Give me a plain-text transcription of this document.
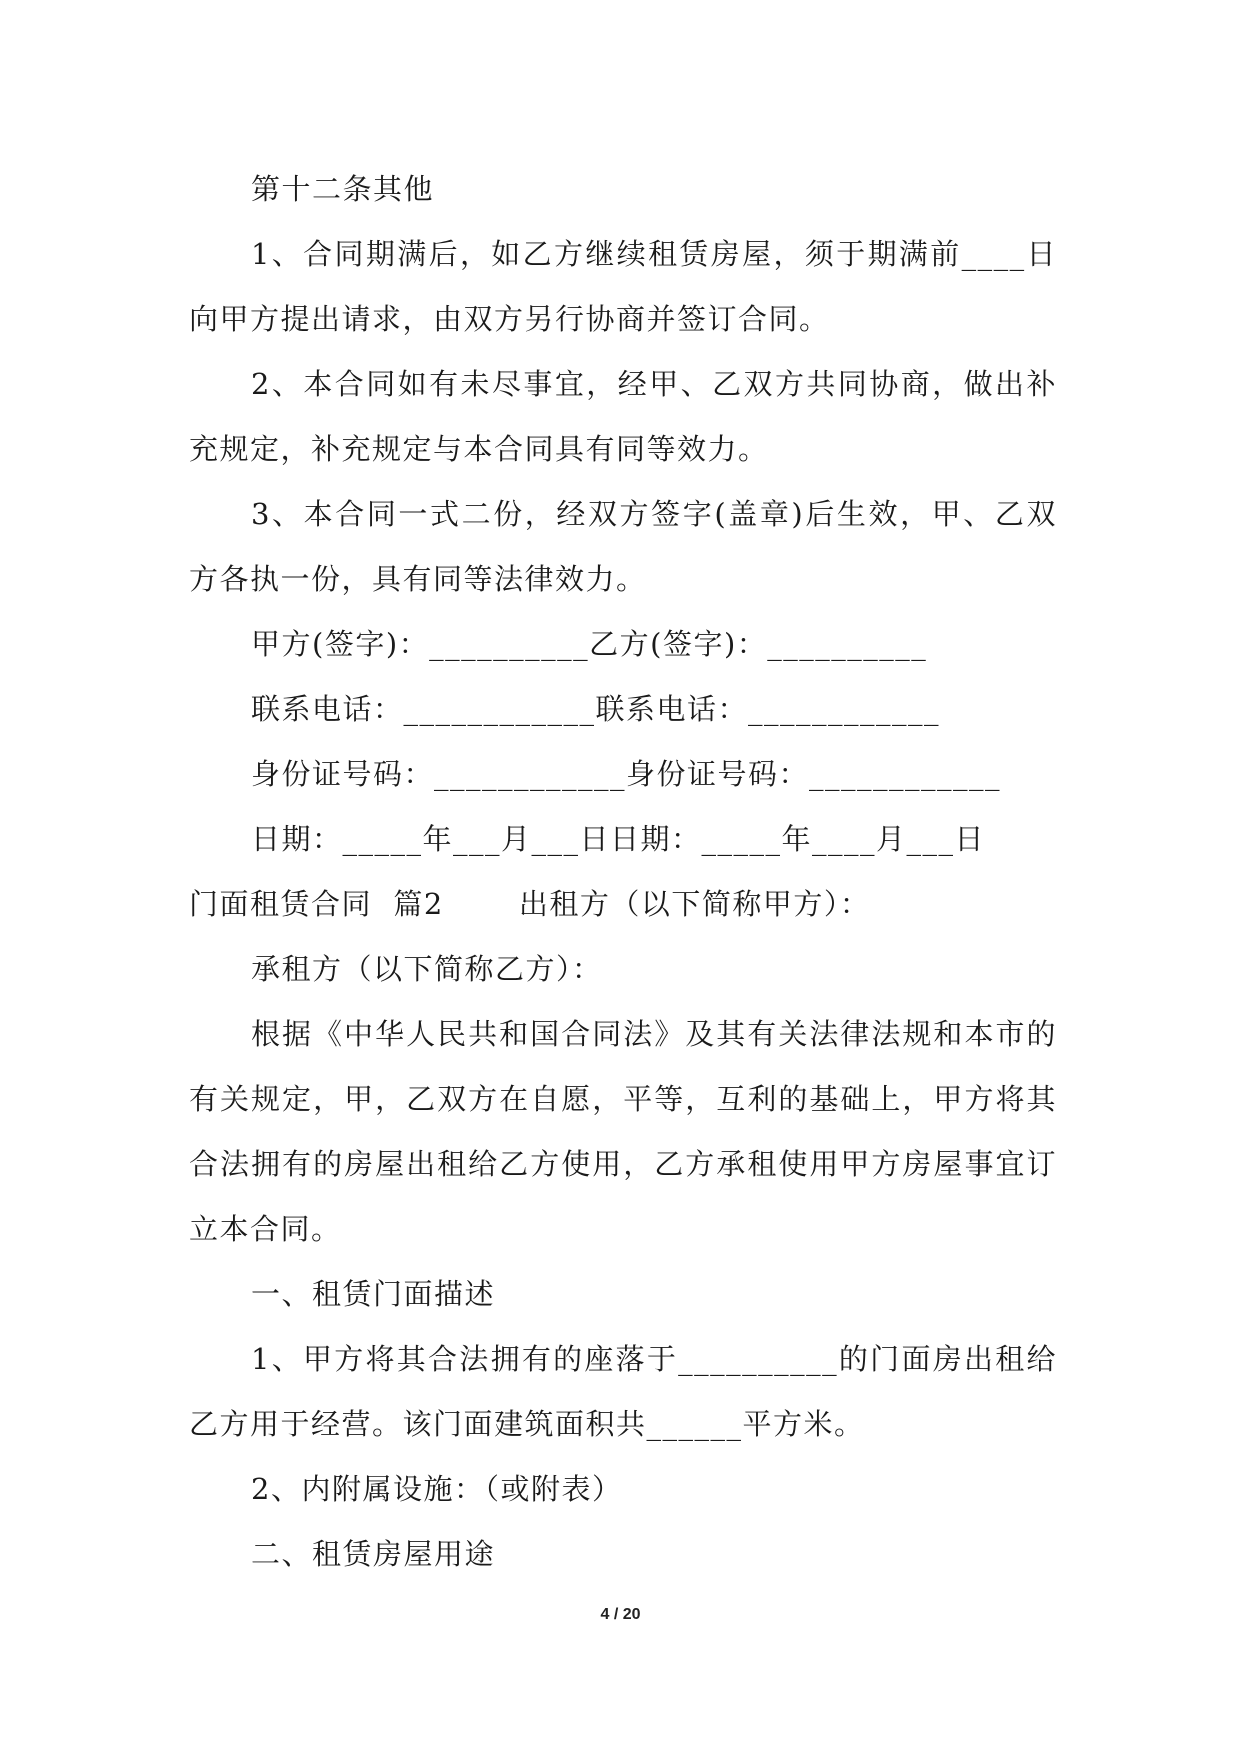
第十二条其他

1、合同期满后，如乙方继续租赁房屋，须于期满前____日向甲方提出请求，由双方另行协商并签订合同。

2、本合同如有未尽事宜，经甲、乙双方共同协商，做出补充规定，补充规定与本合同具有同等效力。

3、本合同一式二份，经双方签字(盖章)后生效，甲、乙双方各执一份，具有同等法律效力。

甲方(签字)：__________乙方(签字)：__________

联系电话：____________联系电话：____________

身份证号码：____________身份证号码：____________

日期：_____年___月___日日期：_____年____月___日

门面租赁合同  篇2       出租方（以下简称甲方）：

承租方（以下简称乙方）：

根据《中华人民共和国合同法》及其有关法律法规和本市的有关规定，甲，乙双方在自愿，平等，互利的基础上，甲方将其合法拥有的房屋出租给乙方使用，乙方承租使用甲方房屋事宜订立本合同。

一、租赁门面描述

1、甲方将其合法拥有的座落于__________的门面房出租给乙方用于经营。该门面建筑面积共______平方米。

2、内附属设施：（或附表）

二、租赁房屋用途

4 / 20
